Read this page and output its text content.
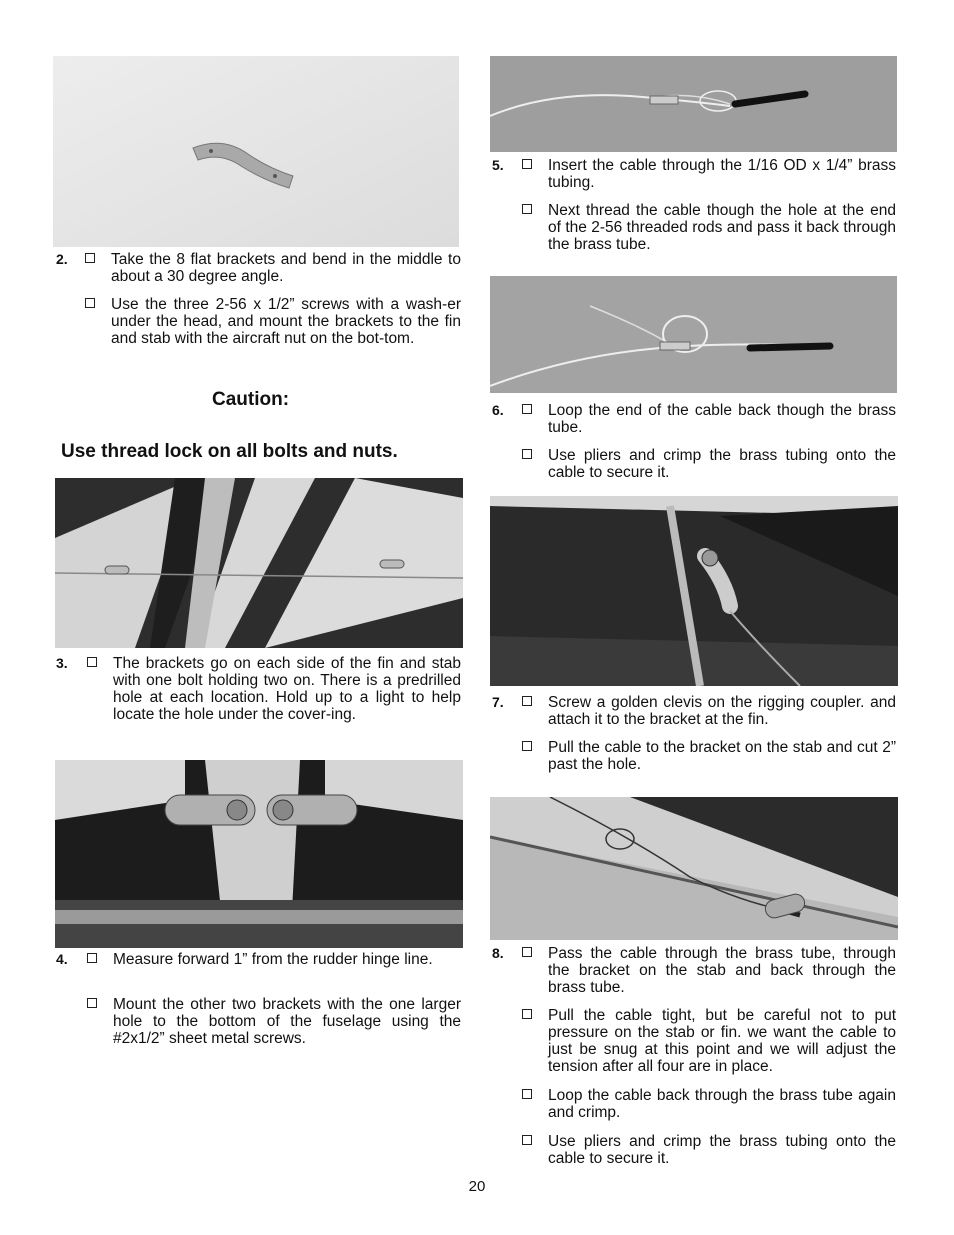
2.	Take the 8 flat brackets and bend in the middle to about a 30 degree angle.
Use the three 2-56 x 1/2” screws with a wash-er under the head, and mount the brackets to the fin and stab with the aircraft nut on the bot-tom.
Caution:
Use thread lock on all bolts and nuts.
3.	The brackets go on each side of the fin and stab with one bolt holding two on. There is a predrilled hole at each location. Hold up to a light to help locate the hole under the cover-ing.
4.	Measure forward 1” from the rudder hinge line.
Mount the other two brackets with the one larger hole to the bottom of the fuselage using the #2x1/2” sheet metal screws.
5.	Insert the cable through the 1/16 OD x 1/4” brass tubing.
Next thread the cable though the hole at the end of the 2-56 threaded rods and pass it back through the brass tube.
6.	Loop the end of the cable back though the brass tube.
Use pliers and crimp the brass tubing onto the cable to secure it.
7.	Screw a golden clevis on the rigging coupler. and attach it to the bracket at the fin.
Pull the cable to the bracket on the stab and cut 2” past the hole.
8.	Pass the cable through the brass tube, through the bracket on the stab and back through the brass tube.
Pull the cable tight, but be careful not to put pressure on the stab or fin. we want the cable to just be snug at this point and we will adjust the tension after all four are in place.
Loop the cable back through the brass tube again and crimp.
Use pliers and crimp the brass tubing onto the cable to secure it.
20
